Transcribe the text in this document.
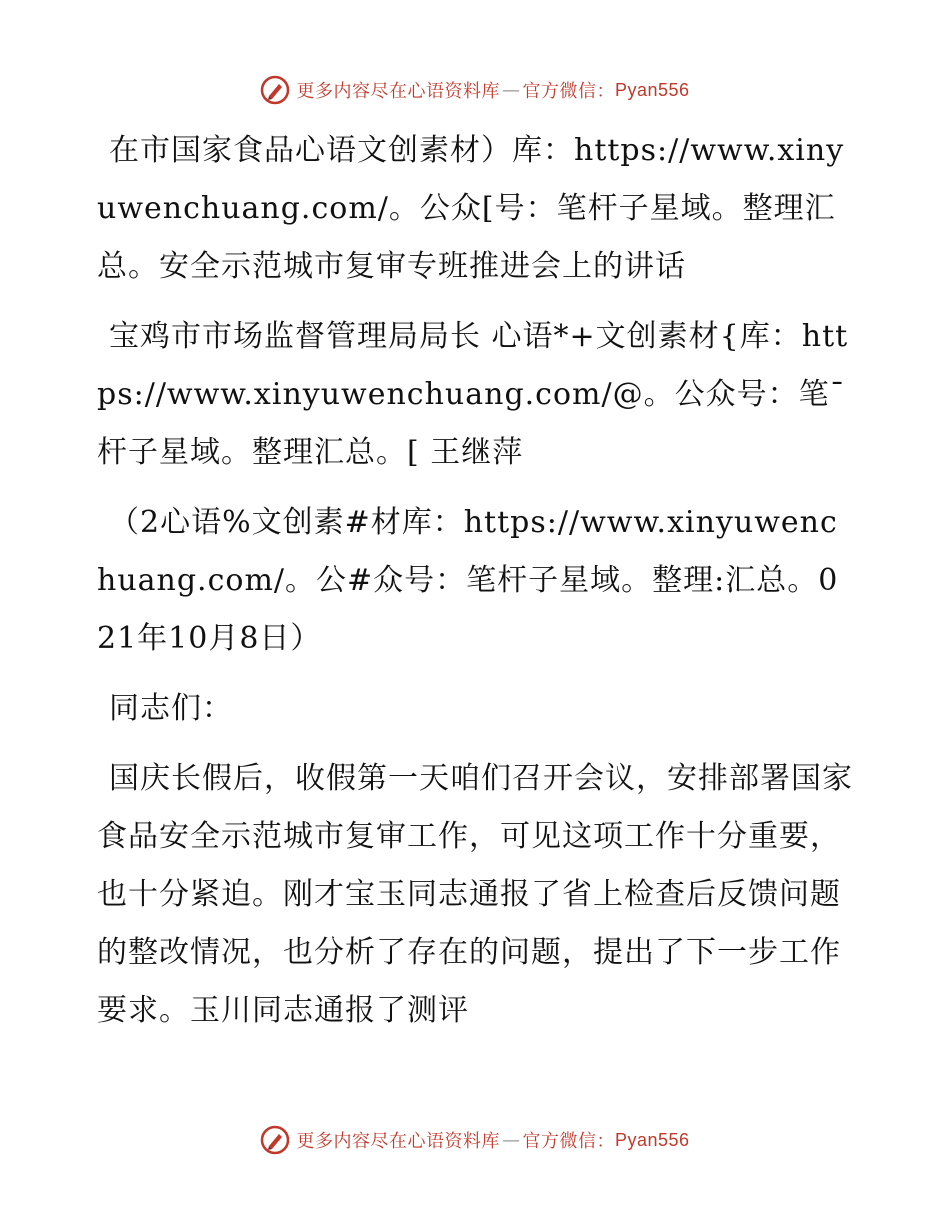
更多内容尽在心语资料库 — 官方微信： Pyan556

在市国家食品心语文创素材）库：https://www.xinyuwenchuang.com/。公众[号：笔杆子星域。整理汇总。安全示范城市复审专班推进会上的讲话

宝鸡市市场监督管理局局长 心语*+文创素材{库：https://www.xinyuwenchuang.com/@。公众号：笔¯杆子星域。整理汇总。[ 王继萍

（2心语%文创素#材库：https://www.xinyuwenchuang.com/。公#众号：笔杆子星域。整理:汇总。021年10月8日）

同志们：

国庆长假后，收假第一天咱们召开会议，安排部署国家食品安全示范城市复审工作，可见这项工作十分重要，也十分紧迫。刚才宝玉同志通报了省上检查后反馈问题的整改情况，也分析了存在的问题，提出了下一步工作要求。玉川同志通报了测评

更多内容尽在心语资料库 — 官方微信： Pyan556
